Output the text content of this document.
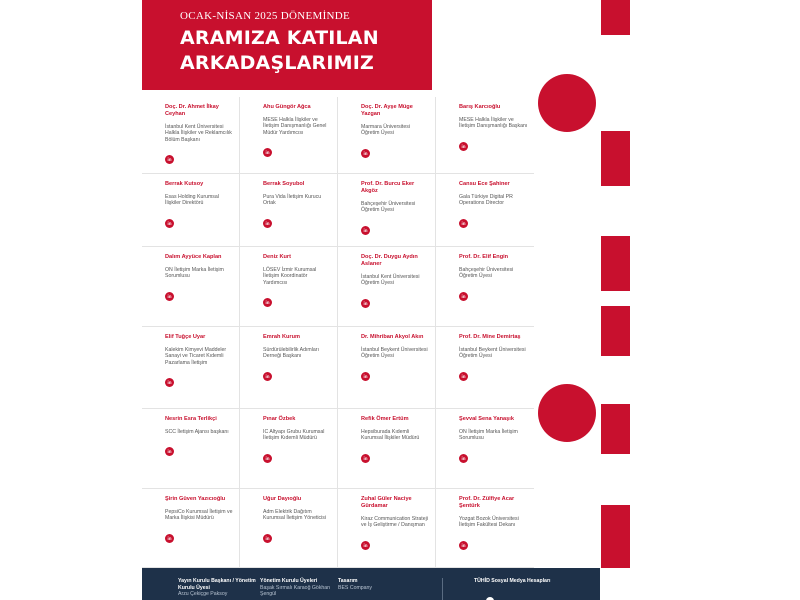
OCAK-NİSAN 2025 DÖNEMİNDE
ARAMIZA KATILAN
ARKADAŞLARIMIZ
Doç. Dr. Ahmet İlkay Ceyhan
İstanbul Kent Üniversitesi Halkla İlişkiler ve Reklamcılık Bölüm Başkanı
in
Ahu Güngör Ağca
MESE Halkla İlişkiler ve İletişim Danışmanlığı Genel Müdür Yardımcısı
in
Doç. Dr. Ayşe Müge Yazgan
Marmara Üniversitesi Öğretim Üyesi
in
Barış Karcıoğlu
MESE Halkla İlişkiler ve İletişim Danışmanlığı Başkanı
in
Berrak Kutsoy
Esas Holding Kurumsal İlişkiler Direktörü
in
Berrak Soyubol
Pura Vida İletişim Kurucu Ortak
in
Prof. Dr. Burcu Eker Akgöz
Bahçeşehir Üniversitesi Öğretim Üyesi
in
Cansu Ece Şahiner
Gala Türkiye Digital PR Operations Director
in
Dalım Ayyüce Kaplan
ON İletişim Marka İletişim Sorumlusu
in
Deniz Kurt
LÖSEV İzmir Kurumsal İletişim Koordinatör Yardımcısı
in
Doç. Dr. Duygu Aydın Aslaner
İstanbul Kent Üniversitesi Öğretim Üyesi
in
Prof. Dr. Elif Engin
Bahçeşehir Üniversitesi Öğretim Üyesi
in
Elif Tuğçe Uyar
Kalekim Kimyevi Maddeler Sanayi ve Ticaret Kıdemli Pazarlama İletişim
in
Emrah Kurum
Sürdürülebilirlik Adımları Derneği Başkanı
in
Dr. Mihriban Akyol Akın
İstanbul Beykent Üniversitesi Öğretim Üyesi
in
Prof. Dr. Mine Demirtaş
İstanbul Beykent Üniversitesi Öğretim Üyesi
in
Nesrin Esra Terlikçi
SCC İletişim Ajansı başkanı
in
Pınar Özbek
IC Altyapı Grubu Kurumsal İletişim Kıdemli Müdürü
in
Refik Ömer Ertüm
Hepsiburada Kıdemli Kurumsal İlişkiler Müdürü
in
Şevval Sena Yanaşık
ON İletişim Marka İletişim Sorumlusu
in
Şirin Güven Yazıcıoğlu
PepsiCo Kurumsal İletişim ve Marka İlişkisi Müdürü
in
Uğur Dayıoğlu
Adm Elektrik Dağıtım Kurumsal İletişim Yöneticisi
in
Zuhal Güler Naciye Gürdamar
Kiraz Communication Strateji ve İş Geliştirme / Danışman
in
Prof. Dr. Zülfiye Acar Şentürk
Yozgat Bozok Üniversitesi İletişim Fakültesi Dekanı
in
Yayın Kurulu Başkanı / Yönetim Kurulu Üyesi
Arzu Çekiçge Paksoy
Yönetim Kurulu Üyeleri
Başak Sırmalı Karaoğ Gökhan Şengül
Tasarım
BES Company
TÜHİD Sosyal Medya Hesapları
